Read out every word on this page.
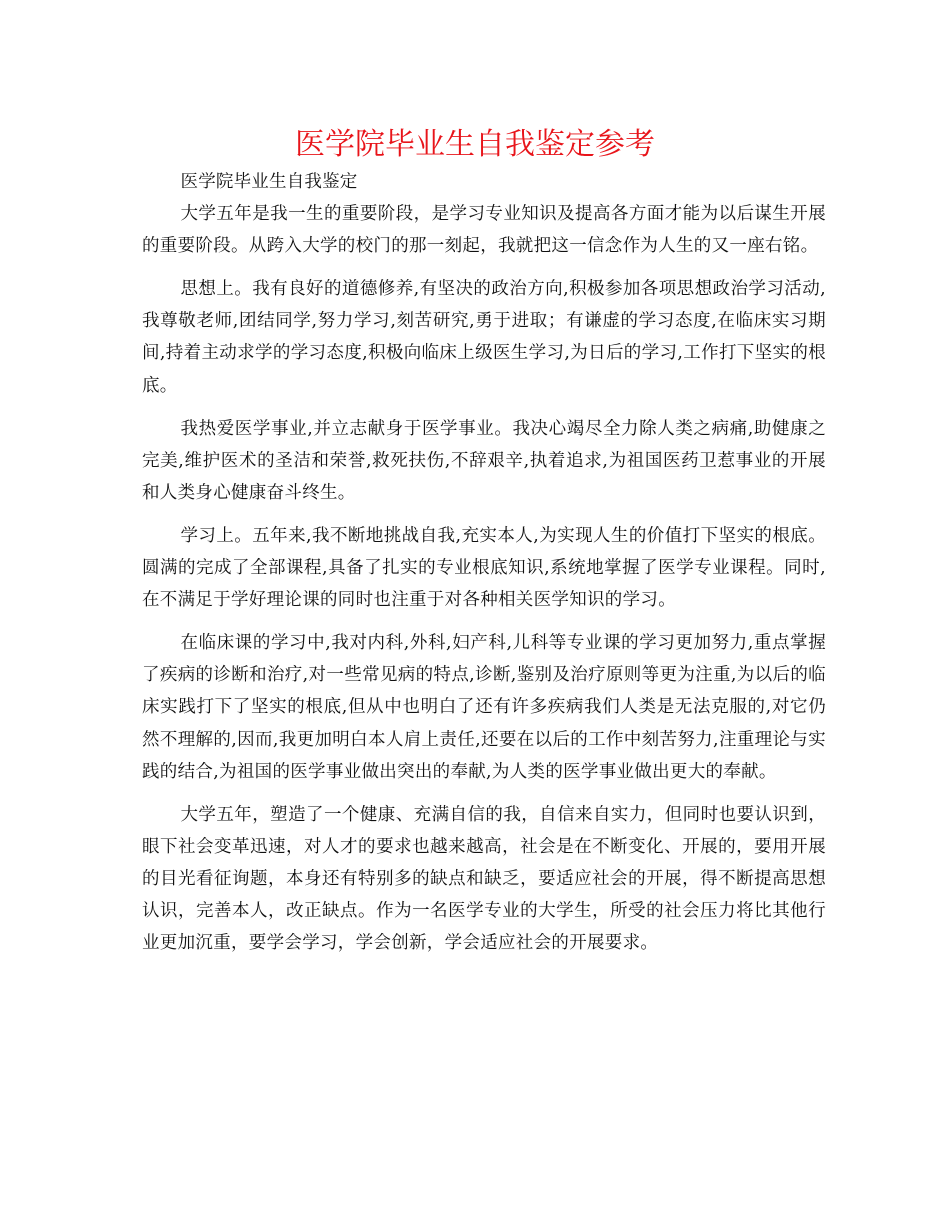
医学院毕业生自我鉴定参考

医学院毕业生自我鉴定

大学五年是我一生的重要阶段，是学习专业知识及提高各方面才能为以后谋生开展的重要阶段。从跨入大学的校门的那一刻起，我就把这一信念作为人生的又一座右铭。

思想上。我有良好的道德修养,有坚决的政治方向,积极参加各项思想政治学习活动,我尊敬老师,团结同学,努力学习,刻苦研究,勇于进取；有谦虚的学习态度,在临床实习期间,持着主动求学的学习态度,积极向临床上级医生学习,为日后的学习,工作打下坚实的根底。

我热爱医学事业,并立志献身于医学事业。我决心竭尽全力除人类之病痛,助健康之完美,维护医术的圣洁和荣誉,救死扶伤,不辞艰辛,执着追求,为祖国医药卫惹事业的开展和人类身心健康奋斗终生。

学习上。五年来,我不断地挑战自我,充实本人,为实现人生的价值打下坚实的根底。圆满的完成了全部课程,具备了扎实的专业根底知识,系统地掌握了医学专业课程。同时,在不满足于学好理论课的同时也注重于对各种相关医学知识的学习。

在临床课的学习中,我对内科,外科,妇产科,儿科等专业课的学习更加努力,重点掌握了疾病的诊断和治疗,对一些常见病的特点,诊断,鉴别及治疗原则等更为注重,为以后的临床实践打下了坚实的根底,但从中也明白了还有许多疾病我们人类是无法克服的,对它仍然不理解的,因而,我更加明白本人肩上责任,还要在以后的工作中刻苦努力,注重理论与实践的结合,为祖国的医学事业做出突出的奉献,为人类的医学事业做出更大的奉献。

大学五年，塑造了一个健康、充满自信的我，自信来自实力，但同时也要认识到，眼下社会变革迅速，对人才的要求也越来越高，社会是在不断变化、开展的，要用开展的目光看征询题，本身还有特别多的缺点和缺乏，要适应社会的开展，得不断提高思想认识，完善本人，改正缺点。作为一名医学专业的大学生，所受的社会压力将比其他行业更加沉重，要学会学习，学会创新，学会适应社会的开展要求。
